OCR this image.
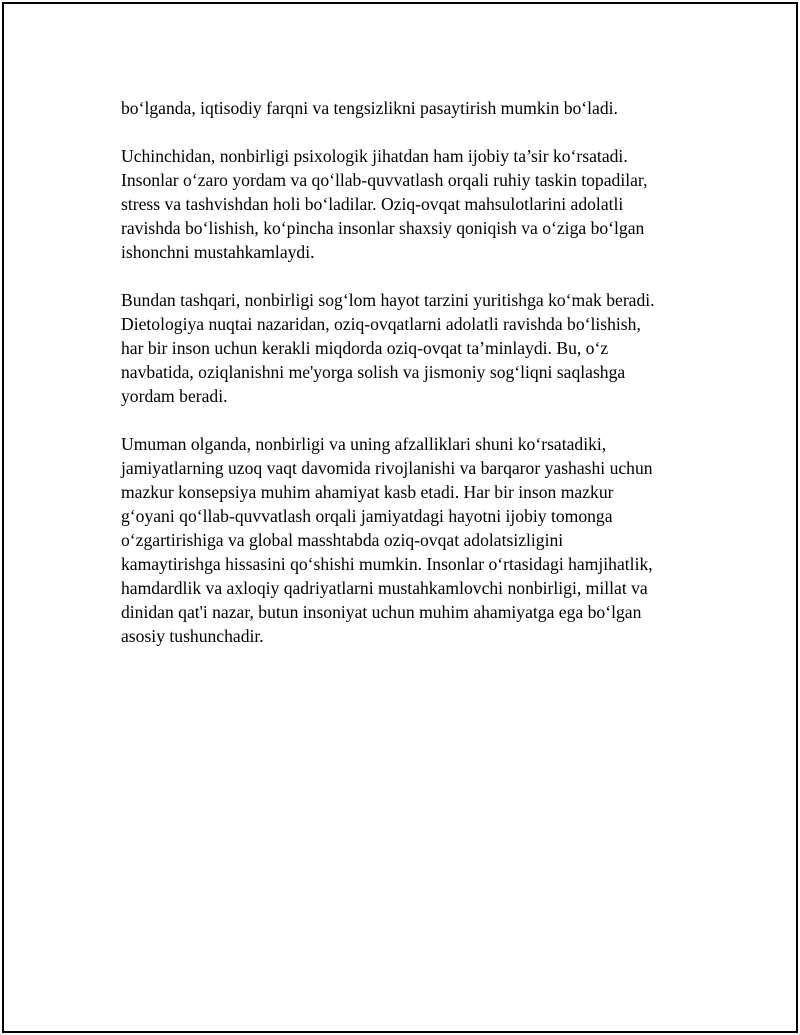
bo‘lganda, iqtisodiy farqni va tengsizlikni pasaytirish mumkin bo‘ladi.

Uchinchidan, nonbirligi psixologik jihatdan ham ijobiy ta’sir ko‘rsatadi.
Insonlar o‘zaro yordam va qo‘llab-quvvatlash orqali ruhiy taskin topadilar,
stress va tashvishdan holi bo‘ladilar. Oziq-ovqat mahsulotlarini adolatli
ravishda bo‘lishish, ko‘pincha insonlar shaxsiy qoniqish va o‘ziga bo‘lgan
ishonchni mustahkamlaydi.

Bundan tashqari, nonbirligi sog‘lom hayot tarzini yuritishga ko‘mak beradi.
Dietologiya nuqtai nazaridan, oziq-ovqatlarni adolatli ravishda bo‘lishish,
har bir inson uchun kerakli miqdorda oziq-ovqat ta’minlaydi. Bu, o‘z
navbatida, oziqlanishni me'yorga solish va jismoniy sog‘liqni saqlashga
yordam beradi.

Umuman olganda, nonbirligi va uning afzalliklari shuni ko‘rsatadiki,
jamiyatlarning uzoq vaqt davomida rivojlanishi va barqaror yashashi uchun
mazkur konsepsiya muhim ahamiyat kasb etadi. Har bir inson mazkur
g‘oyani qo‘llab-quvvatlash orqali jamiyatdagi hayotni ijobiy tomonga
o‘zgartirishiga va global masshtabda oziq-ovqat adolatsizligini
kamaytirishga hissasini qo‘shishi mumkin. Insonlar o‘rtasidagi hamjihatlik,
hamdardlik va axloqiy qadriyatlarni mustahkamlovchi nonbirligi, millat va
dinidan qat'i nazar, butun insoniyat uchun muhim ahamiyatga ega bo‘lgan
asosiy tushunchadir.
